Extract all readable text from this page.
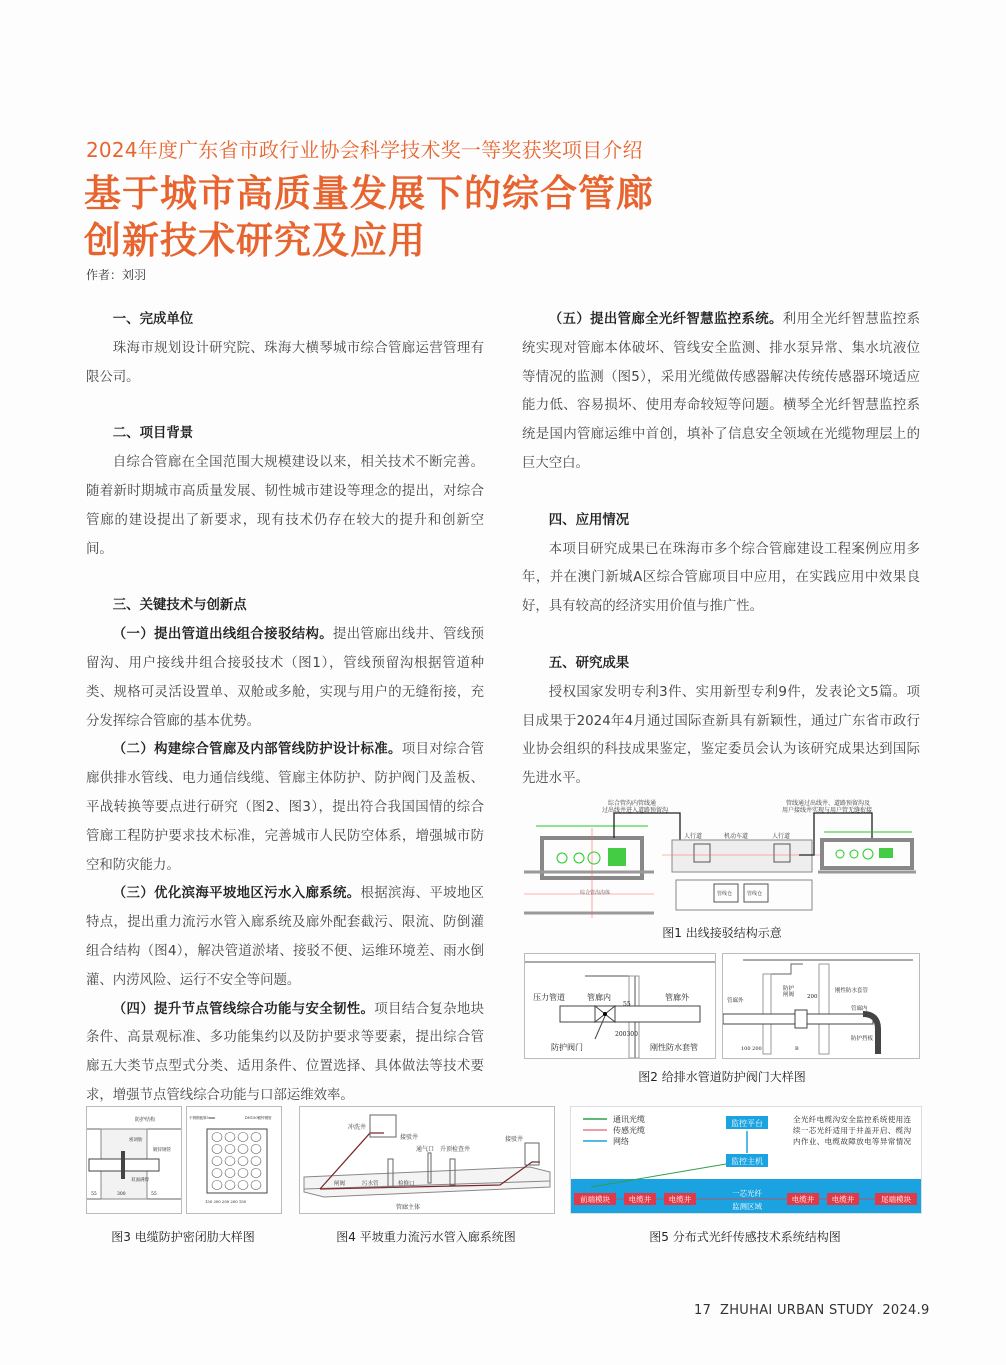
2024年度广东省市政行业协会科学技术奖一等奖获奖项目介绍
基于城市高质量发展下的综合管廊
创新技术研究及应用
作者：刘羽
一、完成单位

珠海市规划设计研究院、珠海大横琴城市综合管廊运营管理有限公司。

二、项目背景

自综合管廊在全国范围大规模建设以来，相关技术不断完善。随着新时期城市高质量发展、韧性城市建设等理念的提出，对综合管廊的建设提出了新要求，现有技术仍存在较大的提升和创新空间。

三、关键技术与创新点

（一）提出管道出线组合接驳结构。提出管廊出线井、管线预留沟、用户接线井组合接驳技术（图1），管线预留沟根据管道种类、规格可灵活设置单、双舱或多舱，实现与用户的无缝衔接，充分发挥综合管廊的基本优势。

（二）构建综合管廊及内部管线防护设计标准。项目对综合管廊供排水管线、电力通信线缆、管廊主体防护、防护阀门及盖板、平战转换等要点进行研究（图2、图3），提出符合我国国情的综合管廊工程防护要求技术标准，完善城市人民防空体系，增强城市防空和防灾能力。

（三）优化滨海平坡地区污水入廊系统。根据滨海、平坡地区特点，提出重力流污水管入廊系统及廊外配套截污、限流、防倒灌组合结构（图4），解决管道淤堵、接驳不便、运维环境差、雨水倒灌、内涝风险、运行不安全等问题。

（四）提升节点管线综合功能与安全韧性。项目结合复杂地块条件、高景观标准、多功能集约以及防护要求等要素，提出综合管廊五大类节点型式分类、适用条件、位置选择、具体做法等技术要求，增强节点管线综合功能与口部运维效率。

（五）提出管廊全光纤智慧监控系统。利用全光纤智慧监控系统实现对管廊本体破坏、管线安全监测、排水泵异常、集水坑液位等情况的监测（图5），采用光缆做传感器解决传统传感器环境适应能力低、容易损坏、使用寿命较短等问题。横琴全光纤智慧监控系统是国内管廊运维中首创，填补了信息安全领域在光缆物理层上的巨大空白。

四、应用情况

本项目研究成果已在珠海市多个综合管廊建设工程案例应用多年，并在澳门新城A区综合管廊项目中应用，在实践应用中效果良好，具有较高的经济实用价值与推广性。

五、研究成果

授权国家发明专利3件、实用新型专利9件，发表论文5篇。项目成果于2024年4月通过国际查新具有新颖性，通过广东省市政行业协会组织的科技成果鉴定，鉴定委员会认为该研究成果达到国际先进水平。

综合管沟沟体
综合管沟内管线通
过出线井进入道路预留沟
人行道	机动车道	人行道
管线仓	管线仓
管线通过出线井、道路预留沟及
用户接线井实现与用户管无缝衔接
图1 出线接驳结构示意
压力管道	管廊内	管廊外
55
200300
防护阀门	刚性防水套管
管廊外
防护
闸阀 200
刚性防水套管
管廊内
防护挡板
100 200	B
图2 给排水管道防护阀门大样图
防护结构
密闭肋
镀锌钢管
双面满焊
55	300	55
不锈钢板厚5mm	DN150镀锌钢管
150 200 200 200 150
图3 电缆防护密闭肋大样图
冲洗井
接驳井	接驳井
通气口 升顶检查井
闸阀	污水管	检修口
管廊主体
图4 平坡重力流污水管入廊系统图
通讯光缆
传感光缆
网络
监控平台
监控主机
一芯光纤
监测区域
前端模块	电缆井 电缆井	电缆井 电缆井	尾端模块
全光纤电缆沟安全监控系统使用连续一芯光纤适用于井盖开启、缆沟内作业、电缆故障放电等异常情况
图5 分布式光纤传感技术系统结构图
17 ZHUHAI URBAN STUDY 2024.9
